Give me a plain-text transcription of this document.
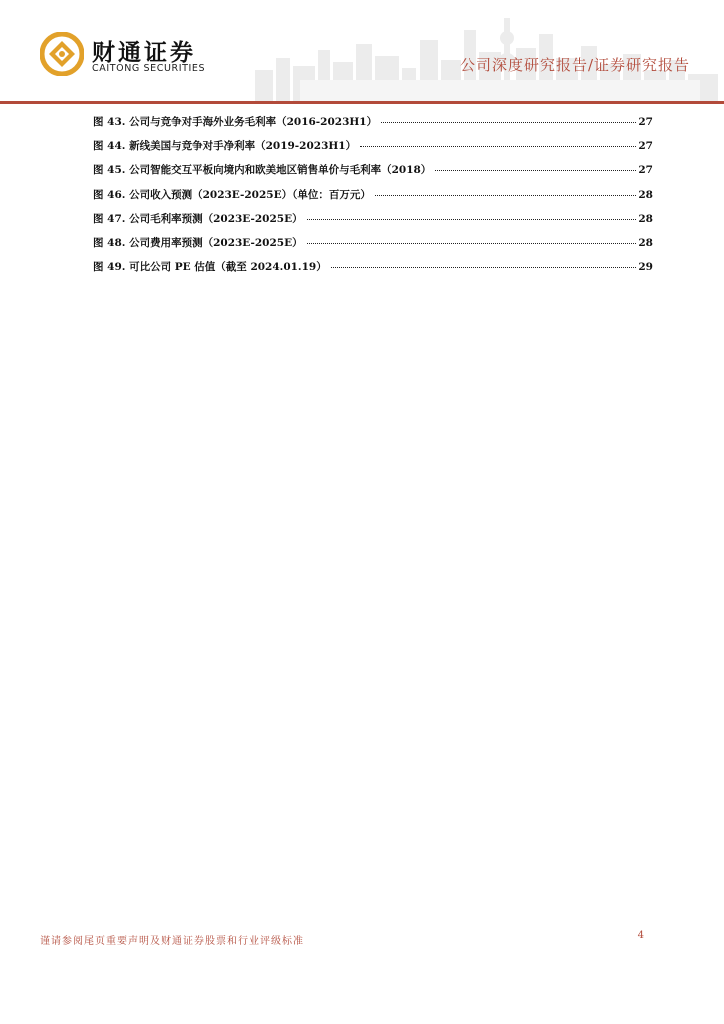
财通证券
CAITONG SECURITIES	公司深度研究报告/证券研究报告
图 43. 公司与竞争对手海外业务毛利率（2016-2023H1）	27
图 44. 新线美国与竞争对手净利率（2019-2023H1）	27
图 45. 公司智能交互平板向境内和欧美地区销售单价与毛利率（2018）	27
图 46. 公司收入预测（2023E-2025E）（单位：百万元）	28
图 47. 公司毛利率预测（2023E-2025E）	28
图 48. 公司费用率预测（2023E-2025E）	28
图 49. 可比公司 PE 估值（截至 2024.01.19）	29
谨请参阅尾页重要声明及财通证券股票和行业评级标准
4
